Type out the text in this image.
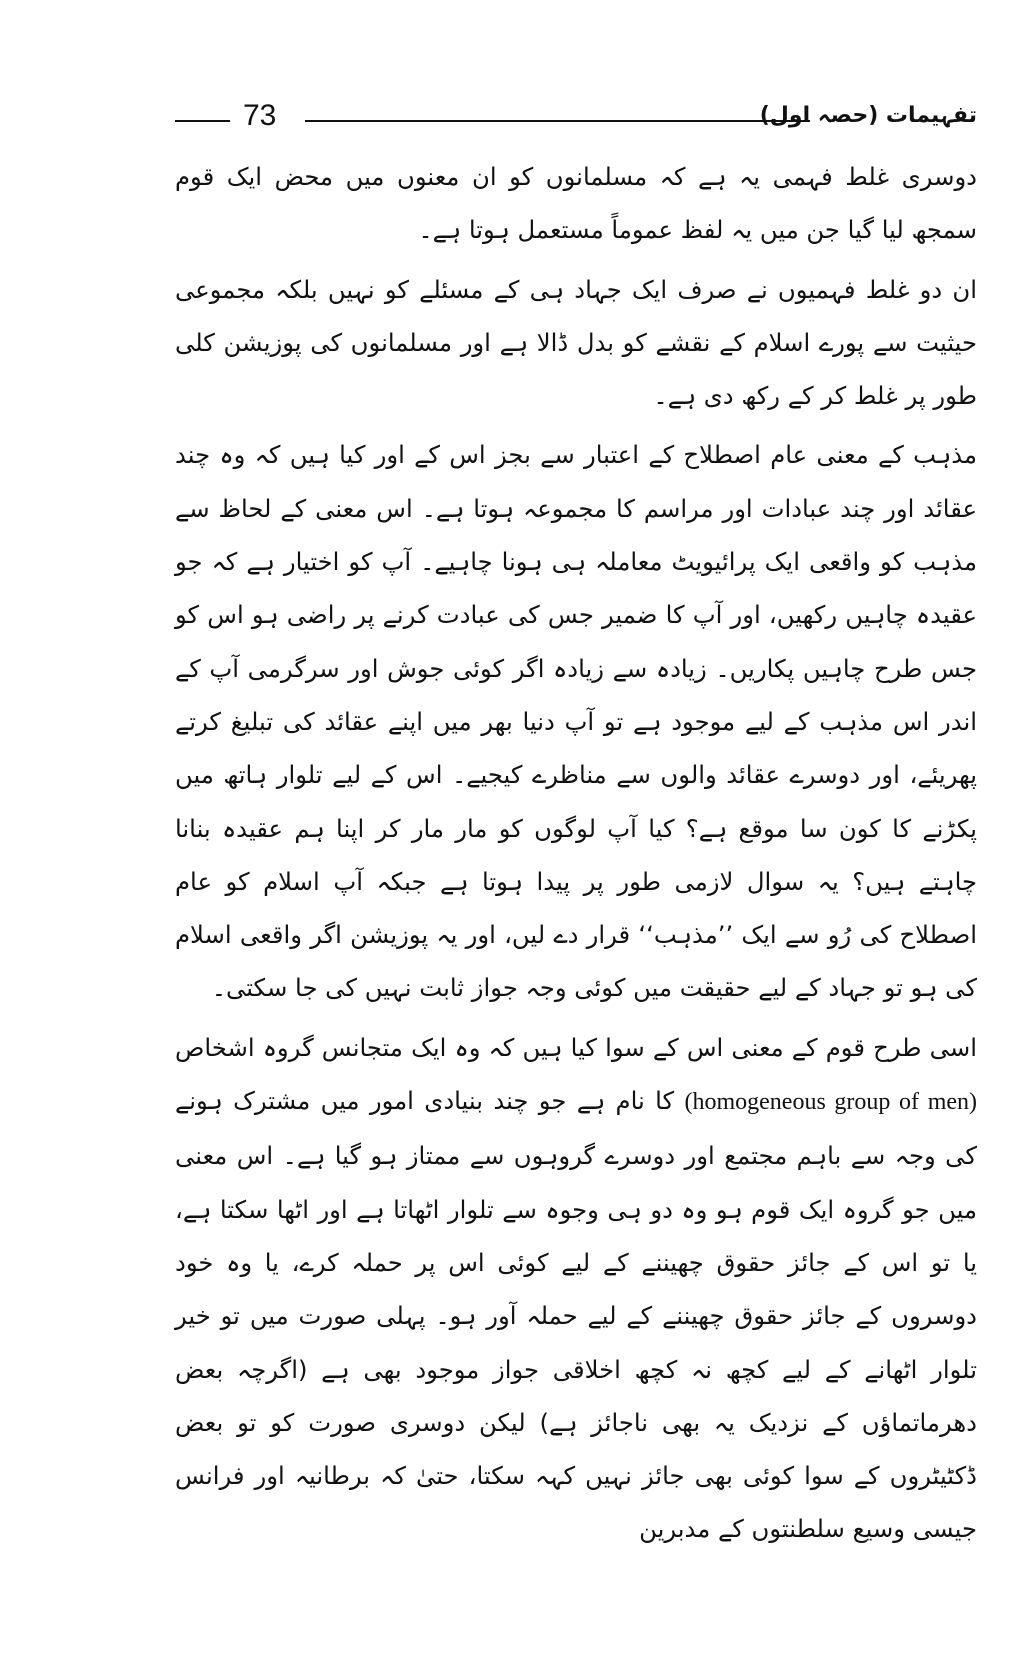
73	تفہیمات (حصہ اول)

دوسری غلط فہمی یہ ہے کہ مسلمانوں کو ان معنوں میں محض ایک قوم سمجھ لیا گیا جن میں یہ لفظ عموماً مستعمل ہوتا ہے۔

ان دو غلط فہمیوں نے صرف ایک جہاد ہی کے مسئلے کو نہیں بلکہ مجموعی حیثیت سے پورے اسلام کے نقشے کو بدل ڈالا ہے اور مسلمانوں کی پوزیشن کلی طور پر غلط کر کے رکھ دی ہے۔

مذہب کے معنی عام اصطلاح کے اعتبار سے بجز اس کے اور کیا ہیں کہ وہ چند عقائد اور چند عبادات اور مراسم کا مجموعہ ہوتا ہے۔ اس معنی کے لحاظ سے مذہب کو واقعی ایک پرائیویٹ معاملہ ہی ہونا چاہیے۔ آپ کو اختیار ہے کہ جو عقیدہ چاہیں رکھیں، اور آپ کا ضمیر جس کی عبادت کرنے پر راضی ہو اس کو جس طرح چاہیں پکاریں۔ زیادہ سے زیادہ اگر کوئی جوش اور سرگرمی آپ کے اندر اس مذہب کے لیے موجود ہے تو آپ دنیا بھر میں اپنے عقائد کی تبلیغ کرتے پھریئے، اور دوسرے عقائد والوں سے مناظرے کیجیے۔ اس کے لیے تلوار ہاتھ میں پکڑنے کا کون سا موقع ہے؟ کیا آپ لوگوں کو مار مار کر اپنا ہم عقیدہ بنانا چاہتے ہیں؟ یہ سوال لازمی طور پر پیدا ہوتا ہے جبکہ آپ اسلام کو عام اصطلاح کی رُو سے ایک ’’مذہب‘‘ قرار دے لیں، اور یہ پوزیشن اگر واقعی اسلام کی ہو تو جہاد کے لیے حقیقت میں کوئی وجہ جواز ثابت نہیں کی جا سکتی۔

اسی طرح قوم کے معنی اس کے سوا کیا ہیں کہ وہ ایک متجانس گروہ اشخاص (homogeneous group of men) کا نام ہے جو چند بنیادی امور میں مشترک ہونے کی وجہ سے باہم مجتمع اور دوسرے گروہوں سے ممتاز ہو گیا ہے۔ اس معنی میں جو گروہ ایک قوم ہو وہ دو ہی وجوہ سے تلوار اٹھاتا ہے اور اٹھا سکتا ہے، یا تو اس کے جائز حقوق چھیننے کے لیے کوئی اس پر حملہ کرے، یا وہ خود دوسروں کے جائز حقوق چھیننے کے لیے حملہ آور ہو۔ پہلی صورت میں تو خیر تلوار اٹھانے کے لیے کچھ نہ کچھ اخلاقی جواز موجود بھی ہے (اگرچہ بعض دھرماتماؤں کے نزدیک یہ بھی ناجائز ہے) لیکن دوسری صورت کو تو بعض ڈکٹیٹروں کے سوا کوئی بھی جائز نہیں کہہ سکتا، حتیٰ کہ برطانیہ اور فرانس جیسی وسیع سلطنتوں کے مدبرین
